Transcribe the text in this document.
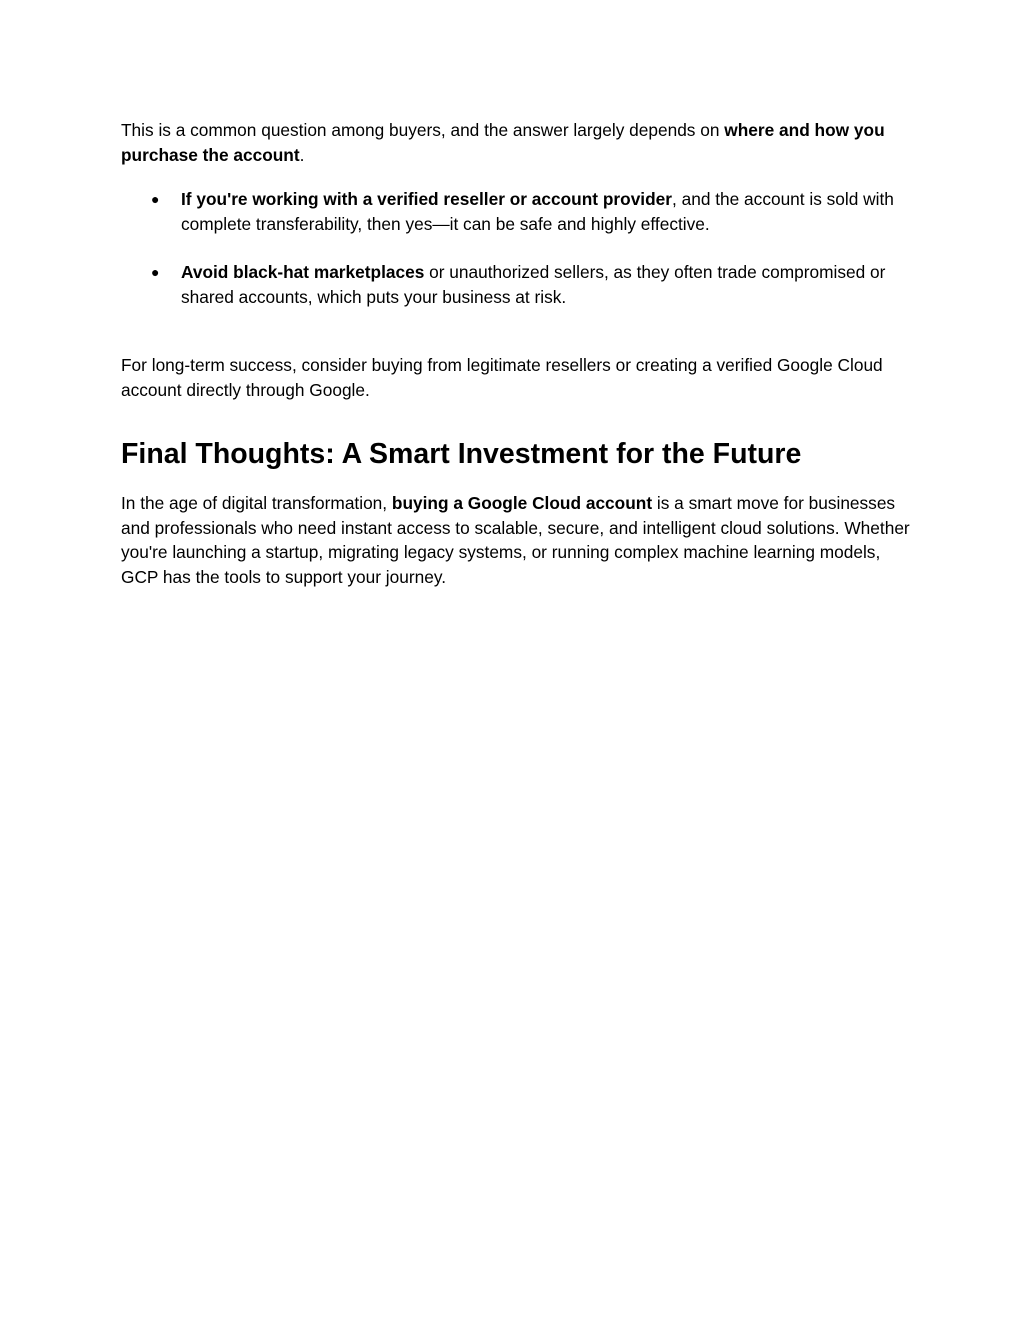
This is a common question among buyers, and the answer largely depends on where and how you purchase the account.

● If you're working with a verified reseller or account provider, and the account is sold with complete transferability, then yes—it can be safe and highly effective.
● Avoid black-hat marketplaces or unauthorized sellers, as they often trade compromised or shared accounts, which puts your business at risk.

For long-term success, consider buying from legitimate resellers or creating a verified Google Cloud account directly through Google.

Final Thoughts: A Smart Investment for the Future

In the age of digital transformation, buying a Google Cloud account is a smart move for businesses and professionals who need instant access to scalable, secure, and intelligent cloud solutions. Whether you're launching a startup, migrating legacy systems, or running complex machine learning models, GCP has the tools to support your journey.
